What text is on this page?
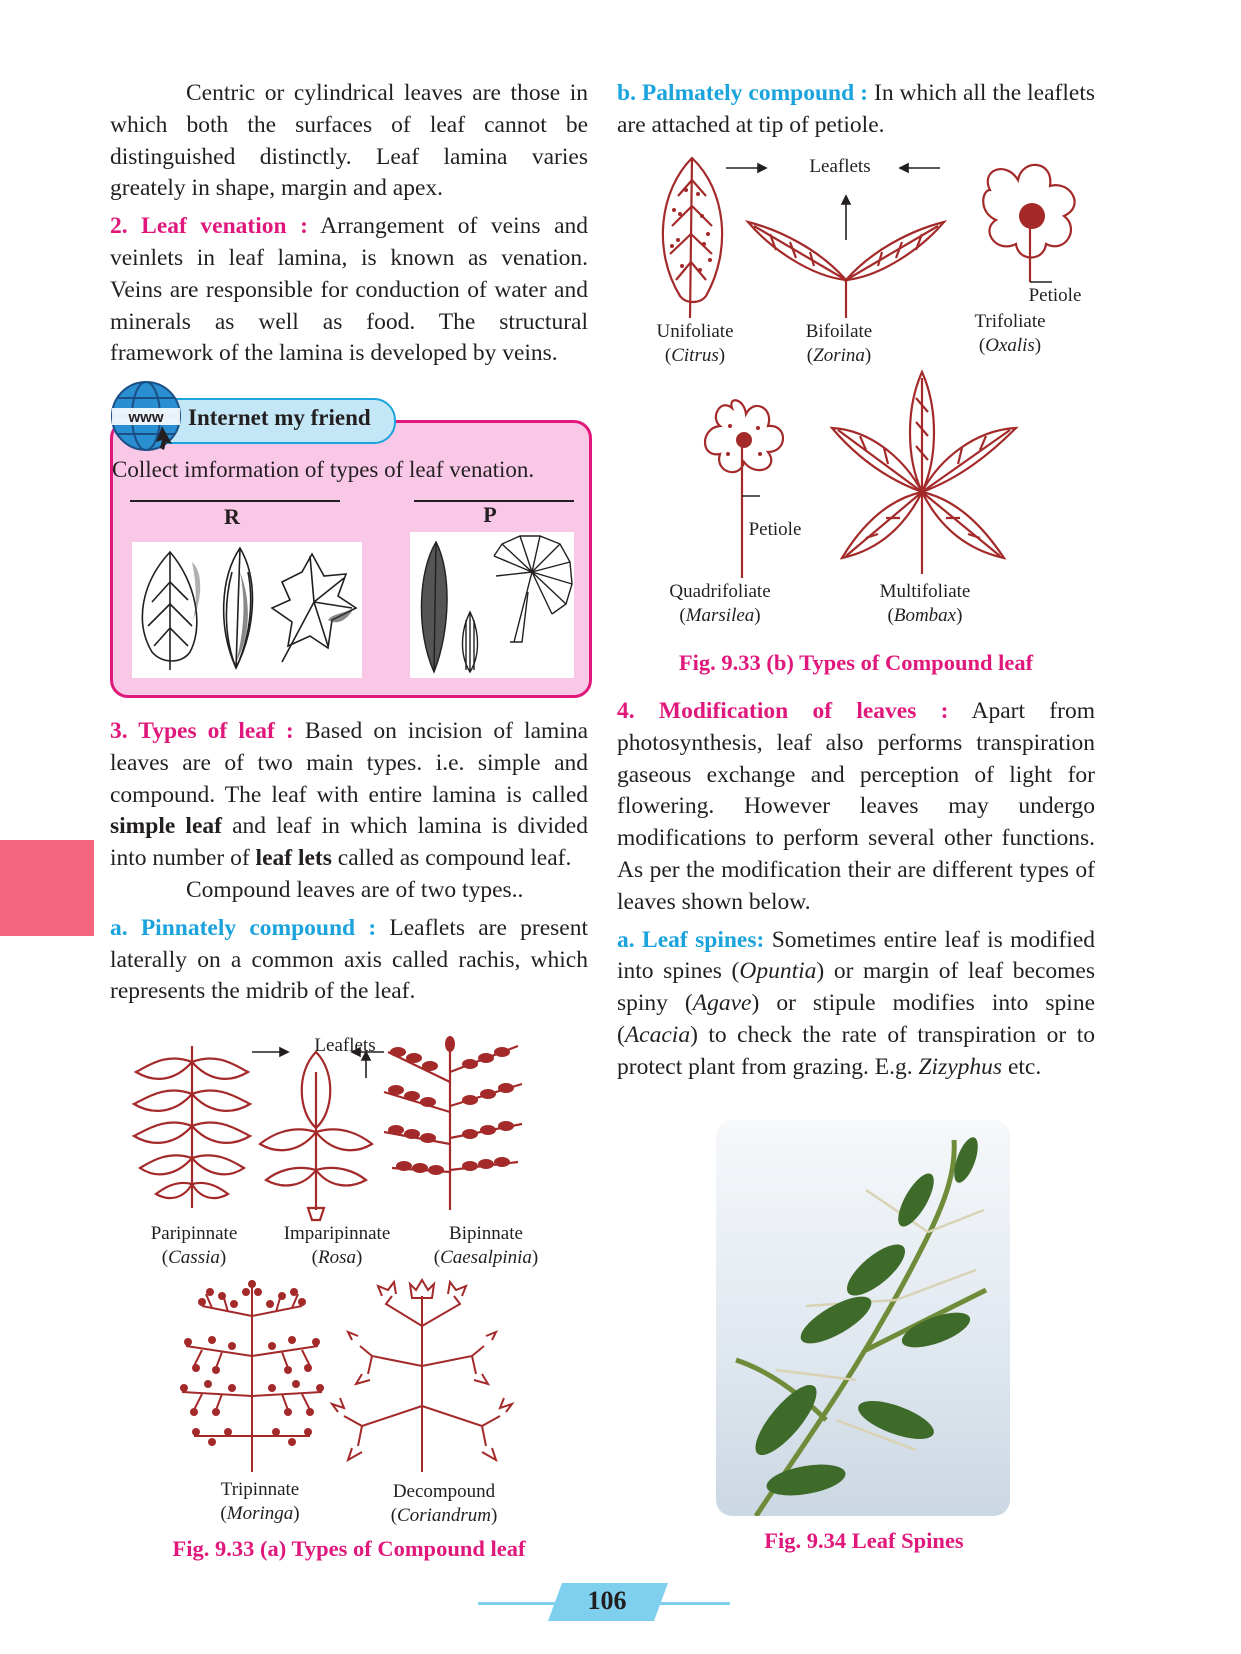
Centric or cylindrical leaves are those in which both the surfaces of leaf cannot be distinguished distinctly. Leaf lamina varies greately in shape, margin and apex.

2. Leaf venation : Arrangement of veins and veinlets in leaf lamina, is known as venation. Veins are responsible for conduction of water and minerals as well as food. The structural framework of the lamina is developed by veins.

www Internet my friend
Collect imformation of types of leaf venation.
R	P

3. Types of leaf : Based on incision of lamina leaves are of two main types. i.e. simple and compound. The leaf with entire lamina is called simple leaf and leaf in which lamina is divided into number of leaf lets called as compound leaf.

Compound leaves are of two types..

a. Pinnately compound : Leaflets are present laterally on a common axis called rachis, which represents the midrib of the leaf.

Leaflets
Paripinnate
(Cassia)
Imparipinnate
(Rosa)
Bipinnate
(Caesalpinia)
Tripinnate
(Moringa)
Decompound
(Coriandrum)
Fig. 9.33 (a) Types of Compound leaf

b. Palmately compound : In which all the leaflets are attached at tip of petiole.

Leaflets
Petiole
Unifoliate
(Citrus)
Bifoilate
(Zorina)
Trifoliate
(Oxalis)
Petiole
Quadrifoliate
(Marsilea)
Multifoliate
(Bombax)
Fig. 9.33 (b) Types of Compound leaf

4. Modification of leaves : Apart from photosynthesis, leaf also performs transpiration gaseous exchange and perception of light for flowering. However leaves may undergo modifications to perform several other functions. As per the modification their are different types of leaves shown below.

a. Leaf spines: Sometimes entire leaf is modified into spines (Opuntia) or margin of leaf becomes spiny (Agave) or stipule modifies into spine (Acacia) to check the rate of transpiration or to protect plant from grazing. E.g. Zizyphus etc.

Fig. 9.34 Leaf Spines
106
